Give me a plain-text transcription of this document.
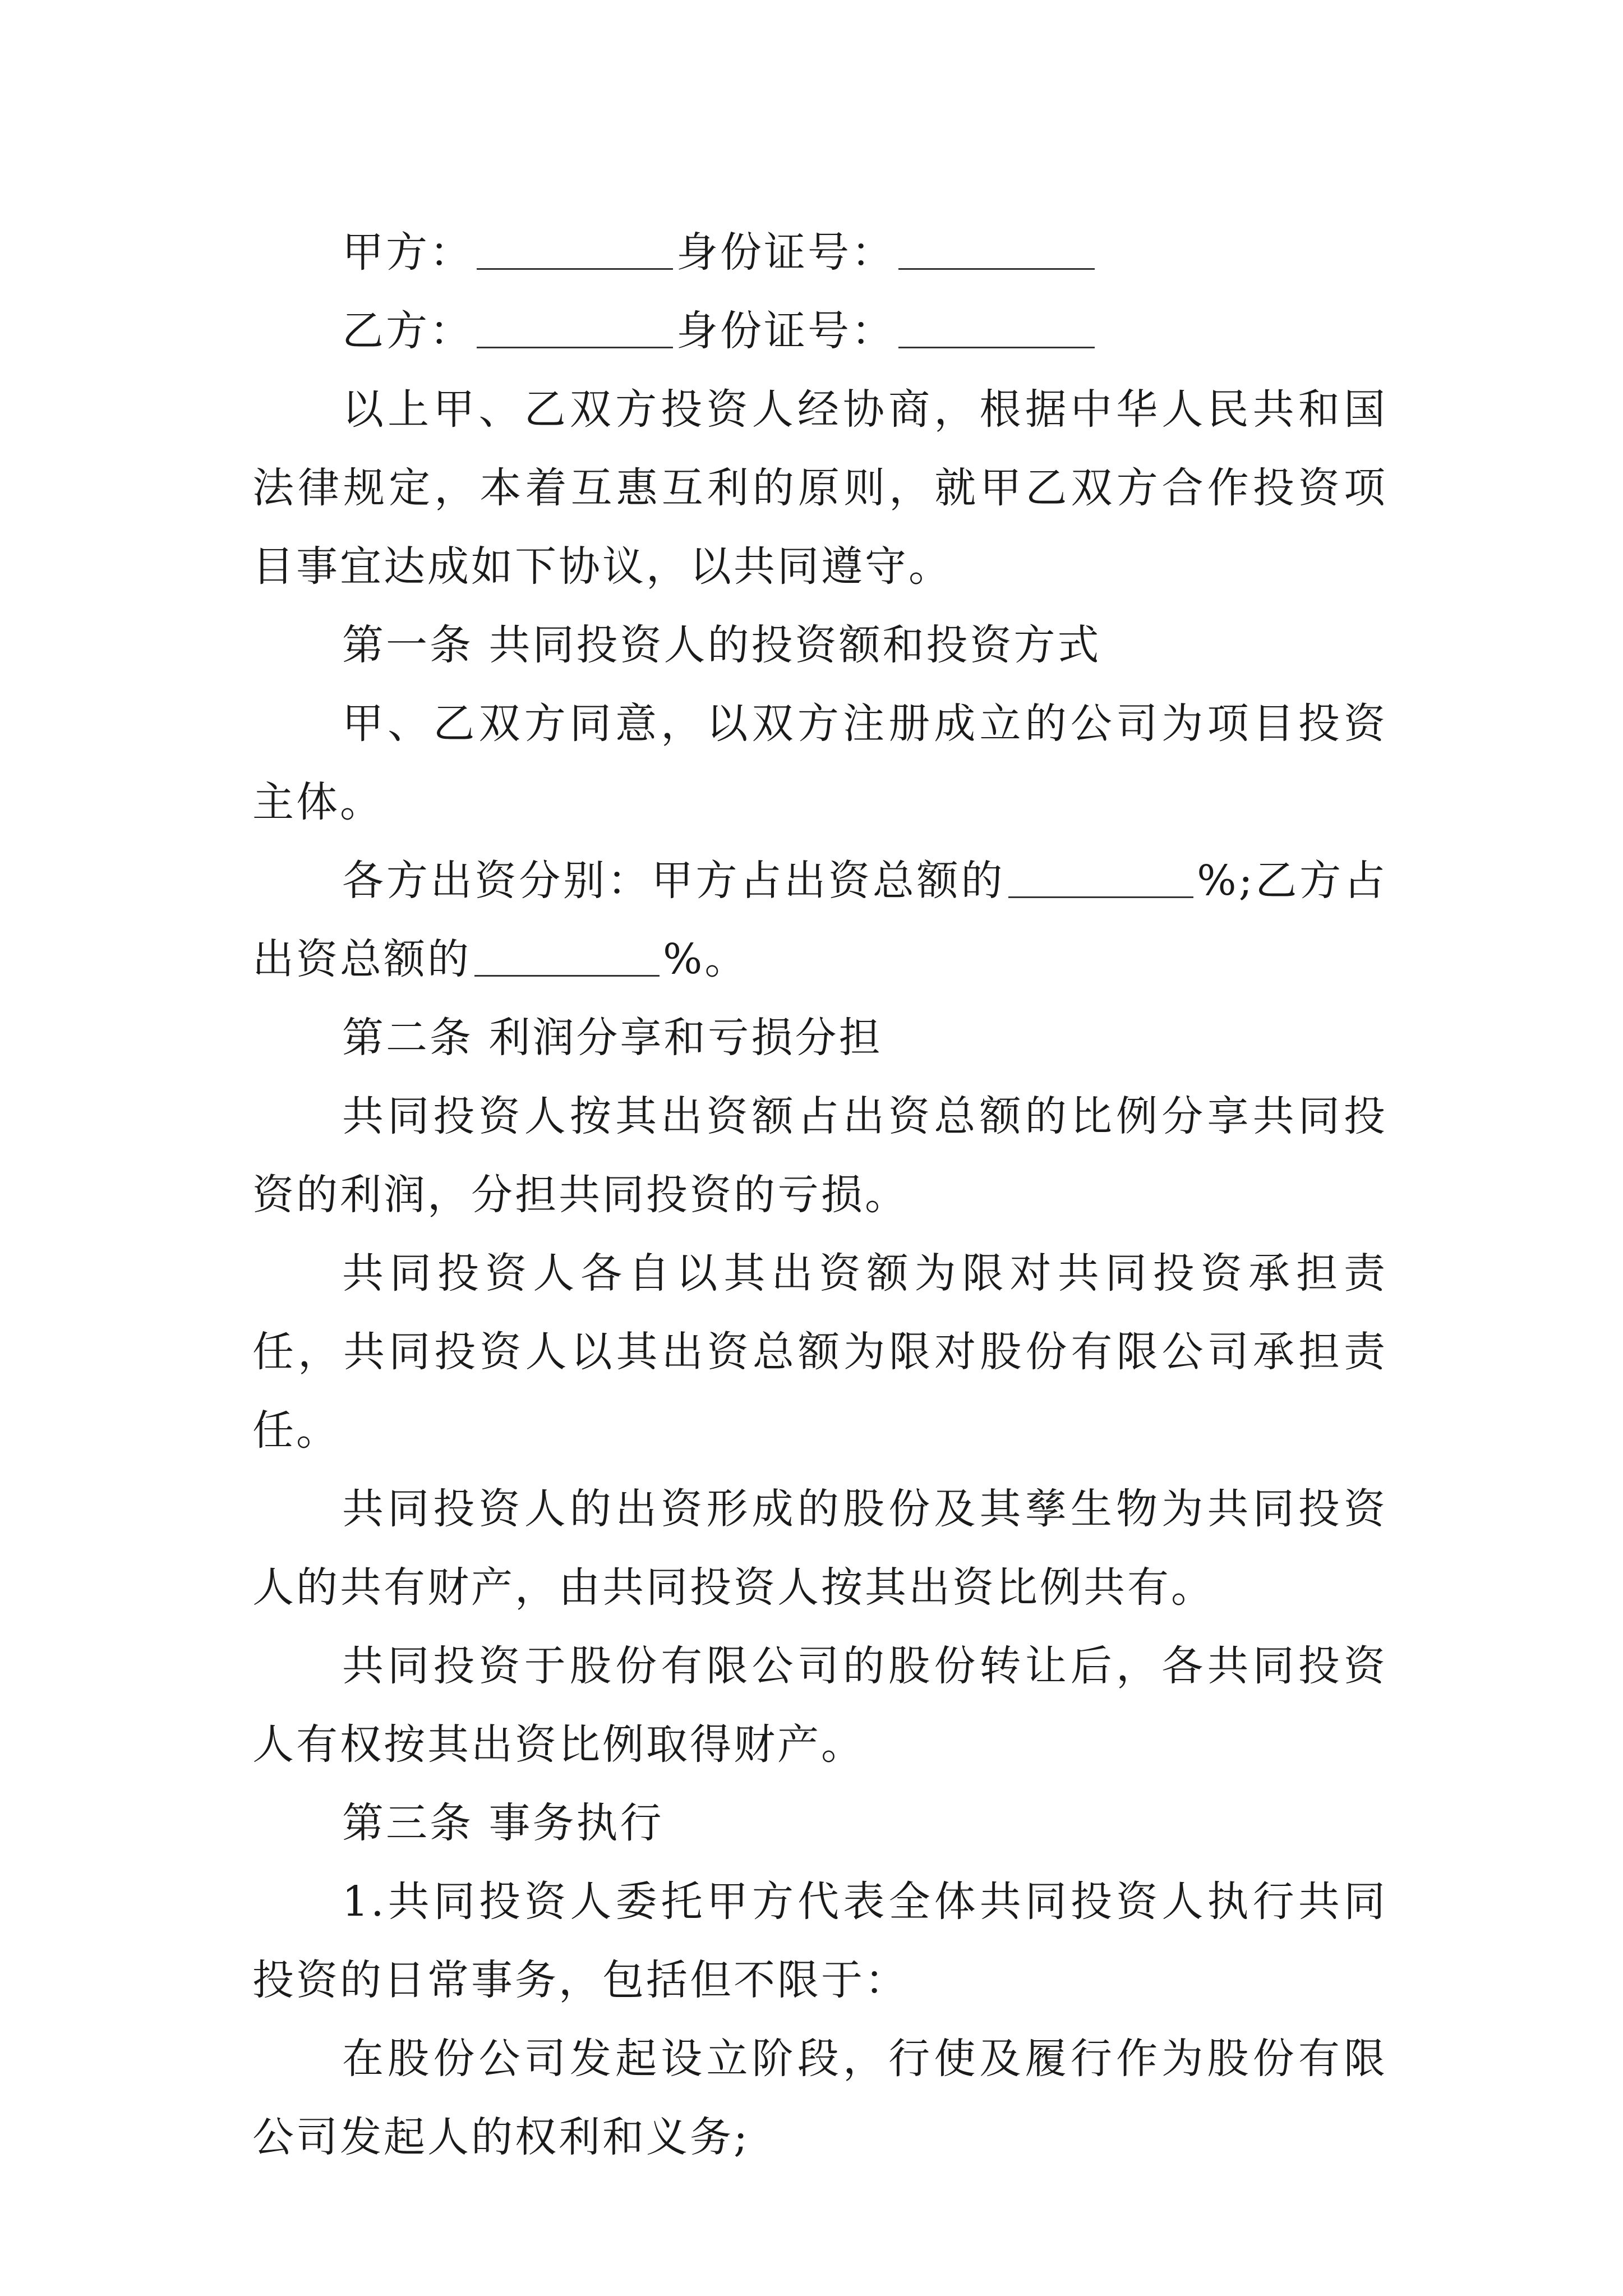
甲方：	身份证号：

乙方：	身份证号：

以上甲、乙双方投资人经协商，根据中华人民共和国法律规定，本着互惠互利的原则，就甲乙双方合作投资项目事宜达成如下协议，以共同遵守。

第一条 共同投资人的投资额和投资方式

甲、乙双方同意，以双方注册成立的公司为项目投资主体。

各方出资分别：甲方占出资总额的	%;乙方占出资总额的	%。

第二条 利润分享和亏损分担

共同投资人按其出资额占出资总额的比例分享共同投资的利润，分担共同投资的亏损。

共同投资人各自以其出资额为限对共同投资承担责任，共同投资人以其出资总额为限对股份有限公司承担责任。

共同投资人的出资形成的股份及其孳生物为共同投资人的共有财产，由共同投资人按其出资比例共有。

共同投资于股份有限公司的股份转让后，各共同投资人有权按其出资比例取得财产。

第三条 事务执行

1.共同投资人委托甲方代表全体共同投资人执行共同投资的日常事务，包括但不限于：

在股份公司发起设立阶段，行使及履行作为股份有限公司发起人的权利和义务;
